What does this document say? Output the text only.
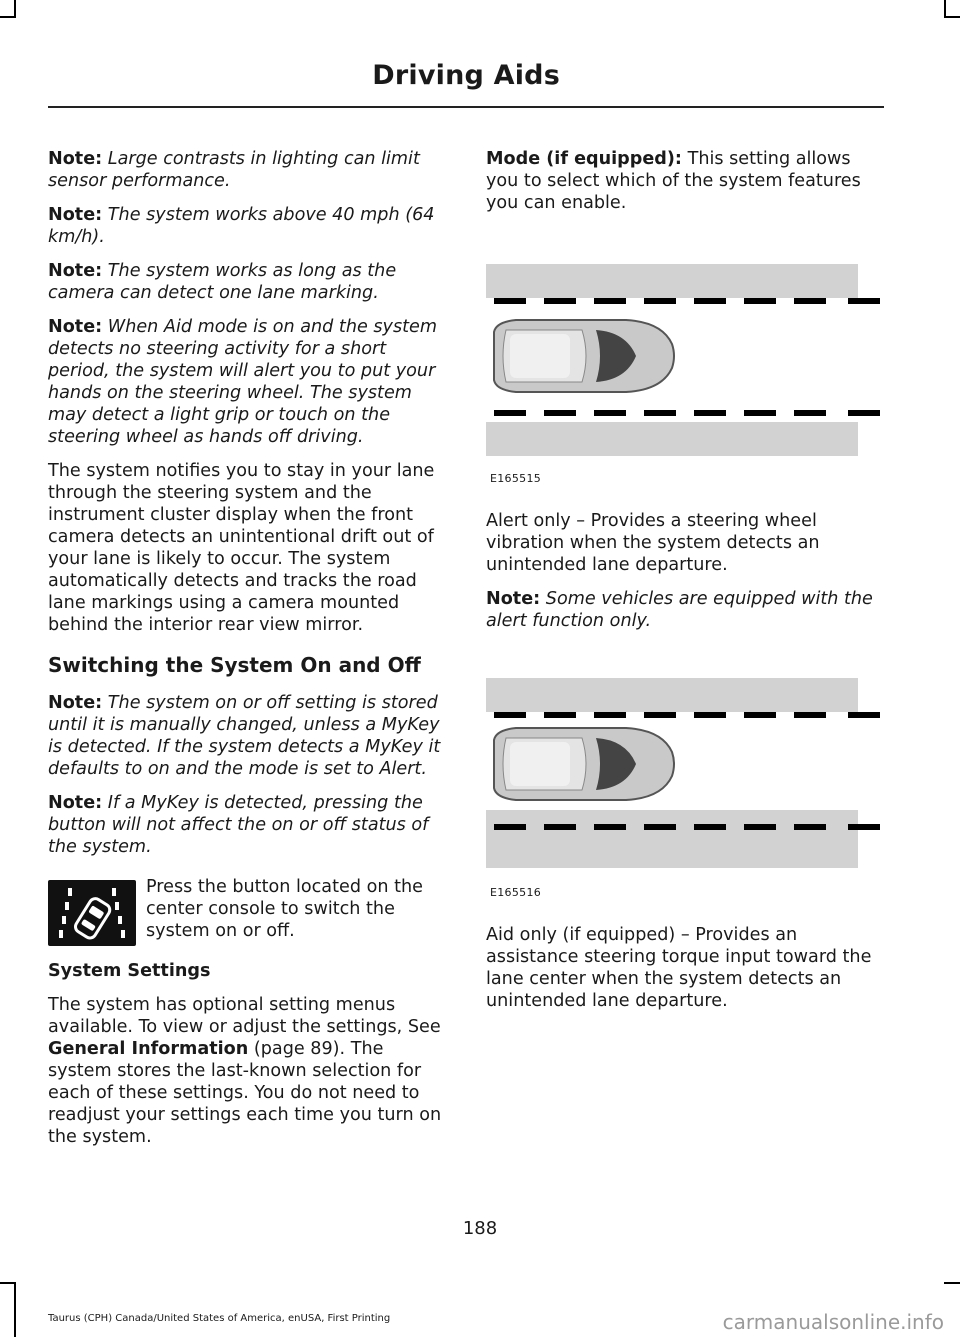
Driving Aids

Note: Large contrasts in lighting can limit sensor performance.

Note: The system works above 40 mph (64 km/h).

Note: The system works as long as the camera can detect one lane marking.

Note: When Aid mode is on and the system detects no steering activity for a short period, the system will alert you to put your hands on the steering wheel. The system may detect a light grip or touch on the steering wheel as hands off driving.

The system notifies you to stay in your lane through the steering system and the instrument cluster display when the front camera detects an unintentional drift out of your lane is likely to occur. The system automatically detects and tracks the road lane markings using a camera mounted behind the interior rear view mirror.

Switching the System On and Off

Note: The system on or off setting is stored until it is manually changed, unless a MyKey is detected. If the system detects a MyKey it defaults to on and the mode is set to Alert.

Note: If a MyKey is detected, pressing the button will not affect the on or off status of the system.

Press the button located on the center console to switch the system on or off.
System Settings

The system has optional setting menus available. To view or adjust the settings, See General Information (page 89). The system stores the last-known selection for each of these settings. You do not need to readjust your settings each time you turn on the system.

Mode (if equipped): This setting allows you to select which of the system features you can enable.

E165515

Alert only – Provides a steering wheel vibration when the system detects an unintended lane departure.

Note: Some vehicles are equipped with the alert function only.

E165516

Aid only (if equipped) – Provides an assistance steering torque input toward the lane center when the system detects an unintended lane departure.

188
Taurus (CPH) Canada/United States of America, enUSA, First Printing	carmanualsonline.info
